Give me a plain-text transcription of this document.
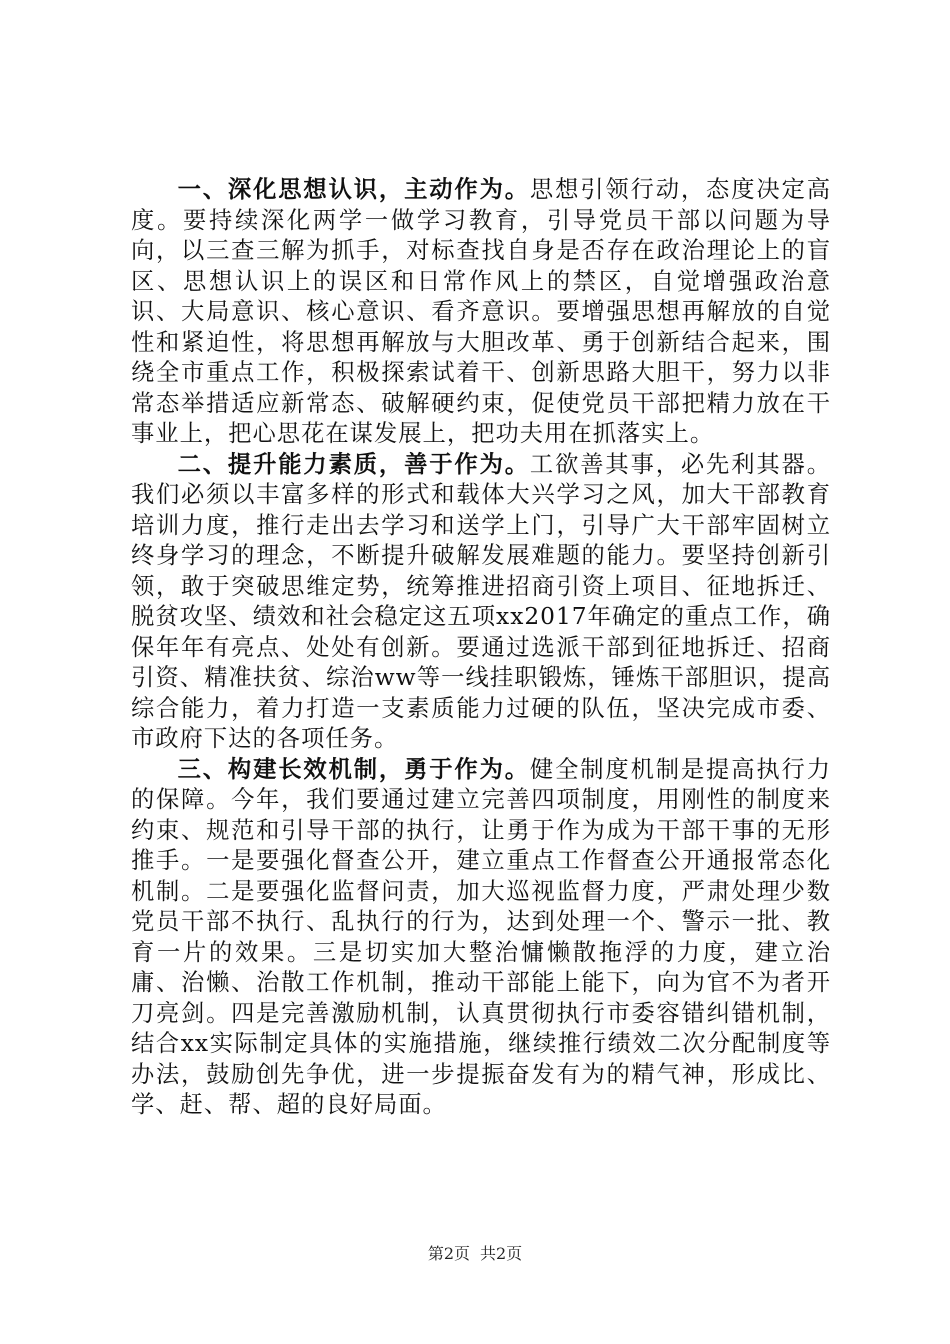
一、深化思想认识，主动作为。思想引领行动，态度决定高度。要持续深化两学一做学习教育，引导党员干部以问题为导向，以三查三解为抓手，对标查找自身是否存在政治理论上的盲区、思想认识上的误区和日常作风上的禁区，自觉增强政治意识、大局意识、核心意识、看齐意识。要增强思想再解放的自觉性和紧迫性，将思想再解放与大胆改革、勇于创新结合起来，围绕全市重点工作，积极探索试着干、创新思路大胆干，努力以非常态举措适应新常态、破解硬约束，促使党员干部把精力放在干事业上，把心思花在谋发展上，把功夫用在抓落实上。

二、提升能力素质，善于作为。工欲善其事，必先利其器。我们必须以丰富多样的形式和载体大兴学习之风，加大干部教育培训力度，推行走出去学习和送学上门，引导广大干部牢固树立终身学习的理念，不断提升破解发展难题的能力。要坚持创新引领，敢于突破思维定势，统筹推进招商引资上项目、征地拆迁、脱贫攻坚、绩效和社会稳定这五项xx2017年确定的重点工作，确保年年有亮点、处处有创新。要通过选派干部到征地拆迁、招商引资、精准扶贫、综治ww等一线挂职锻炼，锤炼干部胆识，提高综合能力，着力打造一支素质能力过硬的队伍，坚决完成市委、市政府下达的各项任务。

三、构建长效机制，勇于作为。健全制度机制是提高执行力的保障。今年，我们要通过建立完善四项制度，用刚性的制度来约束、规范和引导干部的执行，让勇于作为成为干部干事的无形推手。一是要强化督查公开，建立重点工作督查公开通报常态化机制。二是要强化监督问责，加大巡视监督力度，严肃处理少数党员干部不执行、乱执行的行为，达到处理一个、警示一批、教育一片的效果。三是切实加大整治慵懒散拖浮的力度，建立治庸、治懒、治散工作机制，推动干部能上能下，向为官不为者开刀亮剑。四是完善激励机制，认真贯彻执行市委容错纠错机制，结合xx实际制定具体的实施措施，继续推行绩效二次分配制度等办法，鼓励创先争优，进一步提振奋发有为的精气神，形成比、学、赶、帮、超的良好局面。

第2页 共2页
